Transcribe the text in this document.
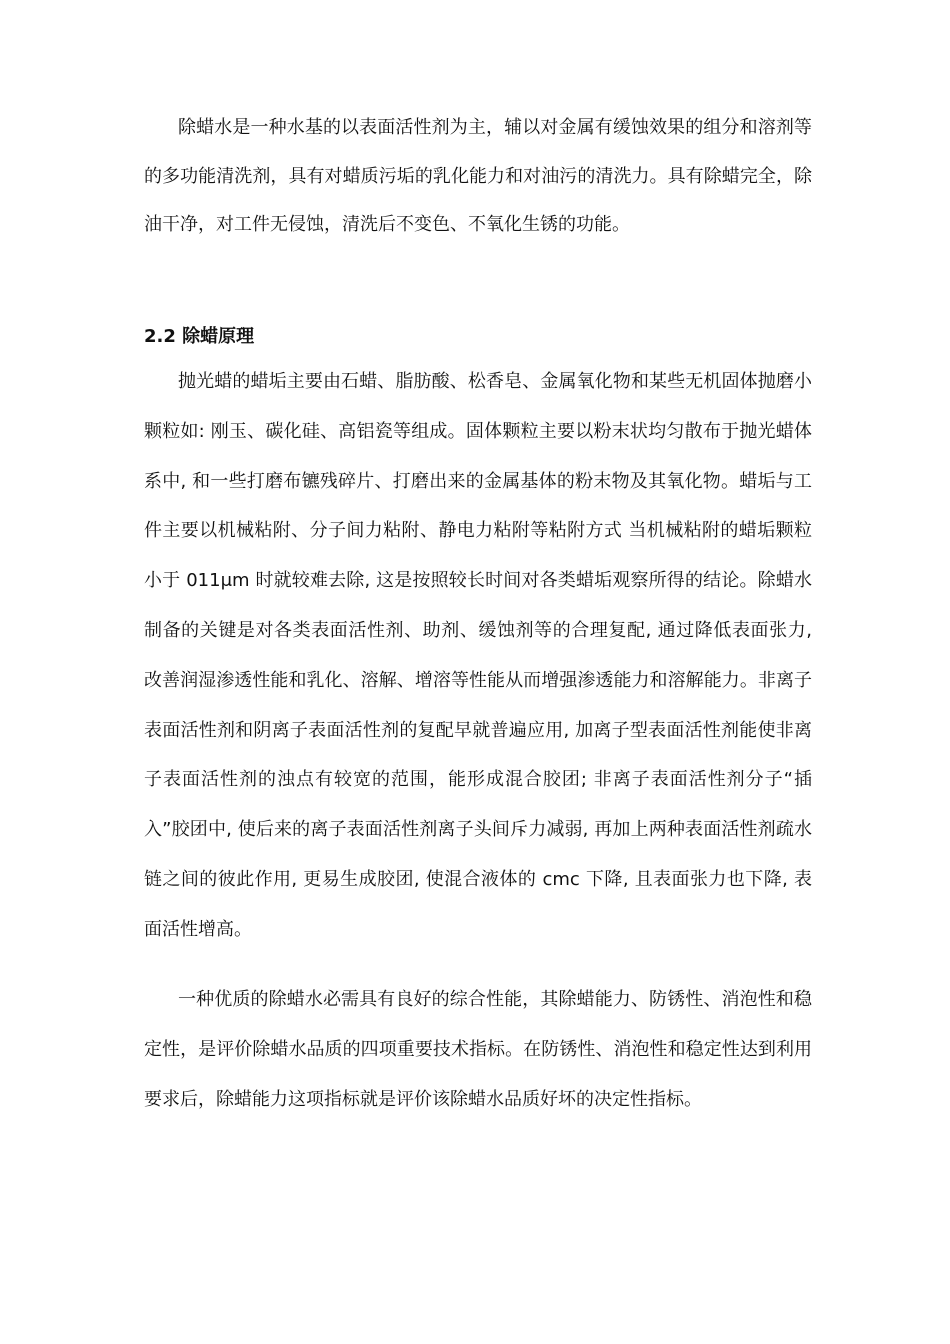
除蜡水是一种水基的以表面活性剂为主，辅以对金属有缓蚀效果的组分和溶剂等的多功能清洗剂，具有对蜡质污垢的乳化能力和对油污的清洗力。具有除蜡完全，除油干净，对工件无侵蚀，清洗后不变色、不氧化生锈的功能。

2.2 除蜡原理

抛光蜡的蜡垢主要由石蜡、脂肪酸、松香皂、金属氧化物和某些无机固体抛磨小颗粒如: 刚玉、碳化硅、高铝瓷等组成。固体颗粒主要以粉末状均匀散布于抛光蜡体系中, 和一些打磨布镳残碎片、打磨出来的金属基体的粉末物及其氧化物。蜡垢与工件主要以机械粘附、分子间力粘附、静电力粘附等粘附方式 当机械粘附的蜡垢颗粒小于 011μm 时就较难去除, 这是按照较长时间对各类蜡垢观察所得的结论。除蜡水制备的关键是对各类表面活性剂、助剂、缓蚀剂等的合理复配, 通过降低表面张力, 改善润湿渗透性能和乳化、溶解、增溶等性能从而增强渗透能力和溶解能力。非离子表面活性剂和阴离子表面活性剂的复配早就普遍应用, 加离子型表面活性剂能使非离子表面活性剂的浊点有较宽的范围，能形成混合胶团; 非离子表面活性剂分子“插入”胶团中, 使后来的离子表面活性剂离子头间斥力减弱, 再加上两种表面活性剂疏水链之间的彼此作用, 更易生成胶团, 使混合液体的 cmc 下降, 且表面张力也下降, 表面活性增高。

一种优质的除蜡水必需具有良好的综合性能，其除蜡能力、防锈性、消泡性和稳定性，是评价除蜡水品质的四项重要技术指标。在防锈性、消泡性和稳定性达到利用要求后，除蜡能力这项指标就是评价该除蜡水品质好坏的决定性指标。
